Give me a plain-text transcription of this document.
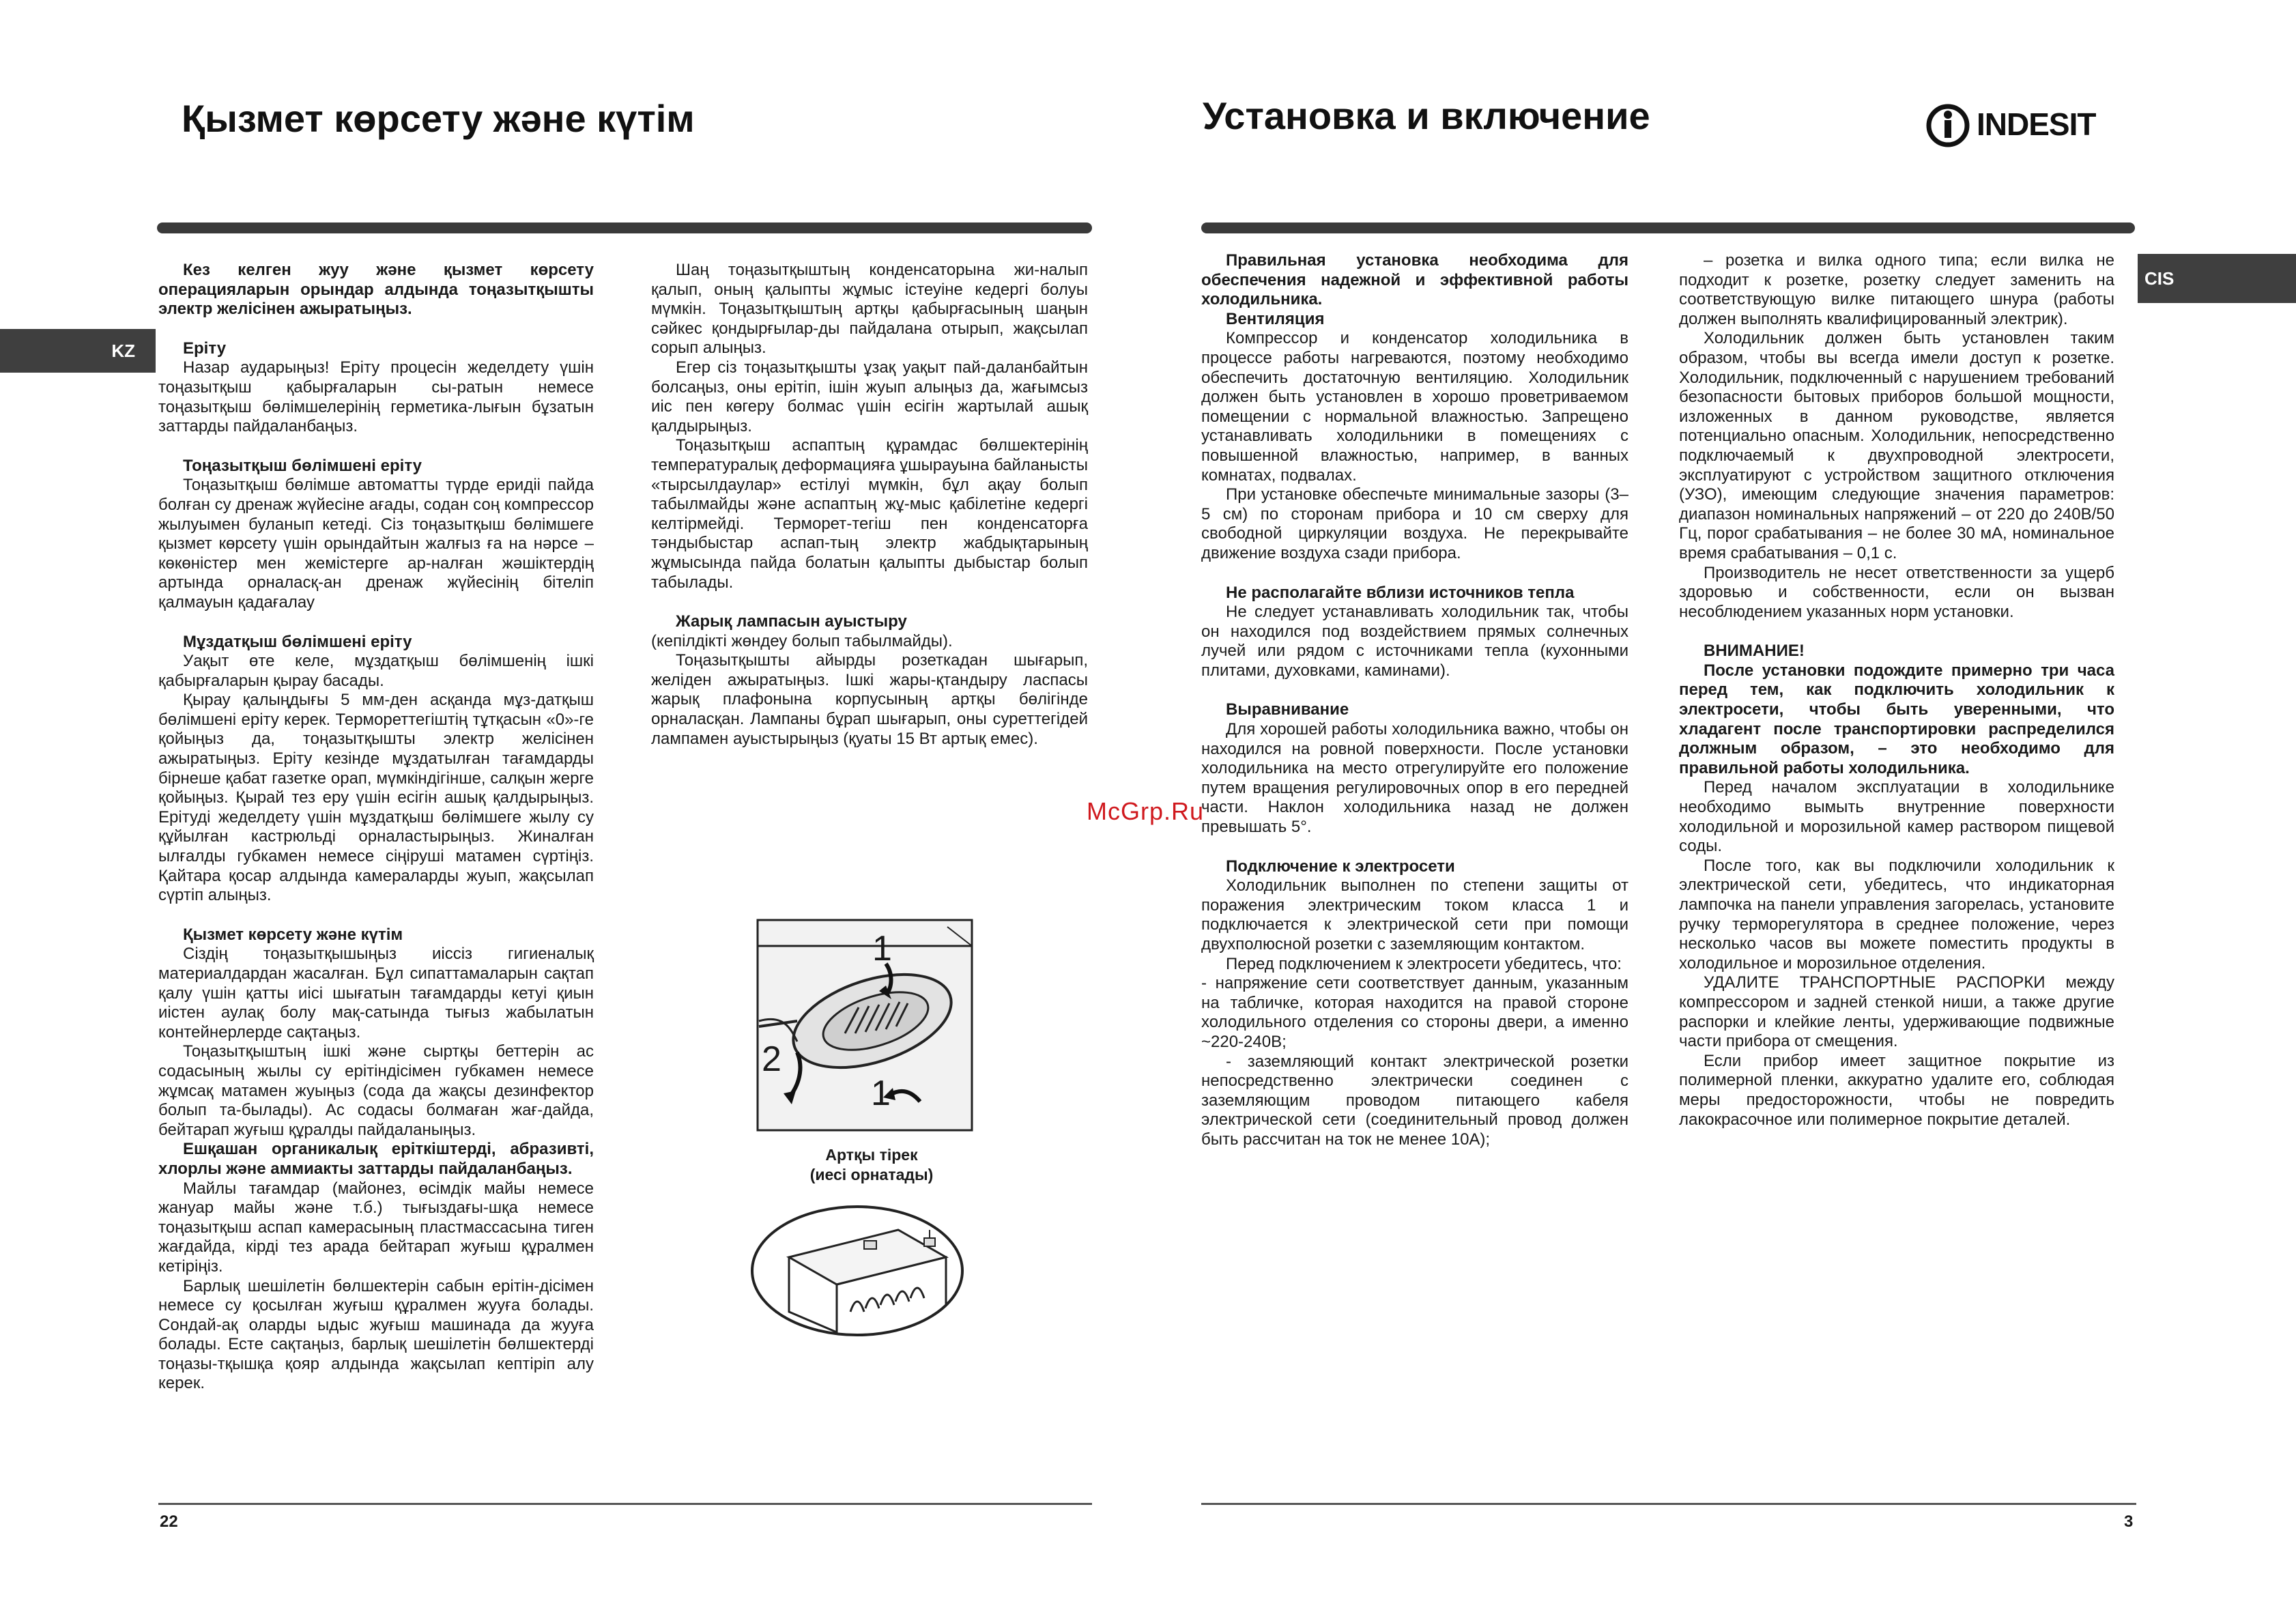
Қызмет көрсету және күтім
KZ

Кез келген жуу және қызмет көрсету операцияларын орындар алдында тоңазытқышты электр желісінен ажыратыңыз.

Еріту

Назар аударыңыз! Еріту процесін жеделдету үшін тоңазытқыш қабырғаларын сы-ратын немесе тоңазытқыш бөлімшелерінің герметика-лығын бұзатын заттарды пайдаланбаңыз.

Тоңазытқыш бөлімшені еріту

Тоңазытқыш бөлімше автоматты түрде еридіі пайда болған су дренаж жүйесіне ағады, содан соң компрессор жылуымен буланып кетеді. Сіз тоңазытқыш бөлімшеге қызмет көрсету үшін орындайтын жалғыз ға на нәрсе – көкөністер мен жемістерге ар-налған жәшіктердің артында орналасқ-ан дренаж жүйесінің бітеліп қалмауын қадағалау

Мұздатқыш бөлімшені еріту

Уақыт өте келе, мұздатқыш бөлімшенің ішкі қабырғаларын қырау басады.

Қырау қалыңдығы 5 мм-ден асқанда мұз-датқыш бөлімшені еріту керек. Термореттегіштің тұтқасын «0»-ге қойыңыз да, тоңазытқышты электр желісінен ажыратыңыз. Еріту кезінде мұздатылған тағамдарды бірнеше қабат газетке орап, мүмкіндігінше, салқын жерге қойыңыз. Қырай тез еру үшін есігін ашық қалдырыңыз. Ерітуді жеделдету үшін мұздатқыш бөлімшеге жылу су құйылған кастрюльді орналастырыңыз. Жиналған ылғалды губкамен немесе сіңіруші матамен сүртіңіз. Қайтара қосар алдында камераларды жуып, жақсылап сүртіп алыңыз.

Қызмет көрсету және күтім

Сіздің тоңазытқышыңыз иіссіз гигиеналық материалдардан жасалған. Бұл сипаттамаларын сақтап қалу үшін қатты иісі шығатын тағамдарды кетуі қиын иістен аулақ болу мақ-сатында тығыз жабылатын контейнерлерде сақтаңыз.

Тоңазытқыштың ішкі және сыртқы беттерін ас содасының жылы су ерітіндісімен губкамен немесе жұмсақ матамен жуыңыз (сода да жақсы дезинфектор болып та-былады). Ас содасы болмаған жағ-дайда, бейтарап жуғыш құралды пайдаланыңыз.

Ешқашан органикалық еріткіштерді, абразивті, хлорлы және аммиакты заттарды пайдаланбаңыз.

Майлы тағамдар (майонез, өсімдік майы немесе жануар майы және т.б.) тығыздағы-шқа немесе тоңазытқыш аспап камерасының пластмассасына тиген жағдайда, кірді тез арада бейтарап жуғыш құралмен кетіріңіз.

Барлық шешілетін бөлшектерін сабын ерітін-дісімен немесе су қосылған жуғыш құралмен жууға болады. Сондай-ақ оларды ыдыс жуғыш машинада да жууға болады. Есте сақтаңыз, барлық шешілетін бөлшектерді тоңазы-тқышқа қояр алдында жақсылап кептіріп алу керек.

Шаң тоңазытқыштың конденсаторына жи-налып қалып, оның қалыпты жұмыс істеуіне кедергі болуы мүмкін. Тоңазытқыштың артқы қабырғасының шаңын сәйкес қондырғылар-ды пайдалана отырып, жақсылап сорып алыңыз.

Егер сіз тоңазытқышты ұзақ уақыт пай-даланбайтын болсаңыз, оны ерітіп, ішін жуып алыңыз да, жағымсыз иіс пен көгеру болмас үшін есігін жартылай ашық қалдырыңыз.

Тоңазытқыш аспаптың құрамдас бөлшектерінің температуралық деформацияға ұшырауына байланысты «тырсылдаулар» естілуі мүмкін, бұл ақау болып табылмайды және аспаптың жұ-мыс қабілетіне кедергі келтірмейді. Терморет-тегіш пен конденсаторға тәндыбыстар аспап-тың электр жабдықтарының жұмысында пайда болатын қалыпты дыбыстар болып табылады.

Жарық лампасын ауыстыру

(кепілдікті жөндеу болып табылмайды).

Тоңазытқышты айырды розеткадан шығарып, желіден ажыратыңыз. Ішкі жары-қтандыру ласпасы жарық плафонына корпусының артқы бөлігінде орналасқан. Лампаны бұрап шығарып, оны суреттегідей лампамен ауыстырыңыз (қуаты 15 Вт артық емес).

1
2
1
Артқы тірек
(иесі орнатады)
22
McGrp.Ru
Установка и включение	INDESIT
CIS

Правильная установка необходима для обеспечения надежной и эффективной работы холодильника.

Вентиляция

Компрессор и конденсатор холодильника в процессе работы нагреваются, поэтому необходимо обеспечить достаточную вентиляцию. Холодильник должен быть установлен в хорошо проветриваемом помещении с нормальной влажностью. Запрещено устанавливать холодильники в помещениях с повышенной влажностью, например, в ванных комнатах, подвалах.

При установке обеспечьте минимальные зазоры (3–5 см) по сторонам прибора и 10 см сверху для свободной циркуляции воздуха. Не перекрывайте движение воздуха сзади прибора.

Не располагайте вблизи источников тепла

Не следует устанавливать холодильник так, чтобы он находился под воздействием прямых солнечных лучей или рядом с источниками тепла (кухонными плитами, духовками, каминами).

Выравнивание

Для хорошей работы холодильника важно, чтобы он находился на ровной поверхности. После установки холодильника на место отрегулируйте его положение путем вращения регулировочных опор в его передней части. Наклон холодильника назад не должен превышать 5°.

Подключение к электросети

Холодильник выполнен по степени защиты от поражения электрическим током класса 1 и подключается к электрической сети при помощи двухполюсной розетки с заземляющим контактом.

Перед подключением к электросети убедитесь, что:

- напряжение сети соответствует данным, указанным на табличке, которая находится на правой стороне холодильного отделения со стороны двери, а именно ~220-240В;

- заземляющий контакт электрической розетки непосредственно электрически соединен с заземляющим проводом питающего кабеля электрической сети (соединительный провод должен быть рассчитан на ток не менее 10А);

– розетка и вилка одного типа; если вилка не подходит к розетке, розетку следует заменить на соответствующую вилке питающего шнура (работы должен выполнять квалифицированный электрик).

Холодильник должен быть установлен таким образом, чтобы вы всегда имели доступ к розетке. Холодильник, подключенный с нарушением требований безопасности бытовых приборов большой мощности, изложенных в данном руководстве, является потенциально опасным. Холодильник, непосредственно подключаемый к двухпроводной электросети, эксплуатируют с устройством защитного отключения (УЗО), имеющим следующие значения параметров: диапазон номинальных напряжений – от 220 до 240В/50 Гц, порог срабатывания – не более 30 мА, номинальное время срабатывания – 0,1 с.

Производитель не несет ответственности за ущерб здоровью и собственности, если он вызван несоблюдением указанных норм установки.

ВНИМАНИЕ!

После установки подождите примерно три часа перед тем, как подключить холодильник к электросети, чтобы быть уверенными, что хладагент после транспортировки распределился должным образом, – это необходимо для правильной работы холодильника.

Перед началом эксплуатации в холодильнике необходимо вымыть внутренние поверхности холодильной и морозильной камер раствором пищевой соды.

После того, как вы подключили холодильник к электрической сети, убедитесь, что индикаторная лампочка на панели управления загорелась, установите ручку терморегулятора в среднее положение, через несколько часов вы можете поместить продукты в холодильное и морозильное отделения.

УДАЛИТЕ ТРАНСПОРТНЫЕ РАСПОРКИ между компрессором и задней стенкой ниши, а также другие распорки и клейкие ленты, удерживающие подвижные части прибора от смещения.

Если прибор имеет защитное покрытие из полимерной пленки, аккуратно удалите его, соблюдая меры предосторожности, чтобы не повредить лакокрасочное или полимерное покрытие деталей.

3
